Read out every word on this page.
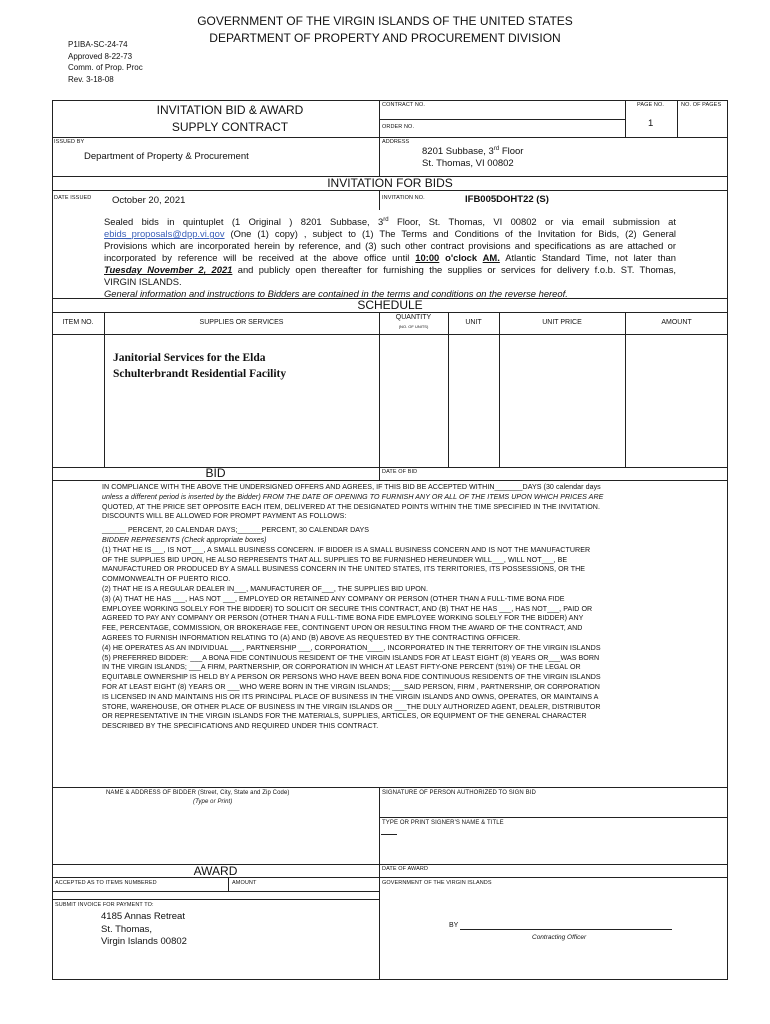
GOVERNMENT OF THE VIRGIN ISLANDS OF THE UNITED STATES
DEPARTMENT OF PROPERTY AND PROCUREMENT DIVISION
P1IBA-SC-24-74
Approved 8-22-73
Comm. of Prop. Proc
Rev. 3-18-08
INVITATION BID & AWARD
SUPPLY CONTRACT
CONTRACT NO.
ORDER NO.
PAGE NO.
1
NO. OF PAGES
ISSUED BY
Department of Property & Procurement
ADDRESS
8201 Subbase, 3rd Floor
St. Thomas, VI 00802
INVITATION FOR BIDS
DATE ISSUED October 20, 2021	INVITATION NO.	IFB005DOHT22 (S)
Sealed bids in quintuplet (1 Original ) 8201 Subbase, 3rd Floor, St. Thomas, VI 00802 or via email submission at
ebids_proposals@dpp.vi.gov (One (1) copy) , subject to (1) The Terms and Conditions of the Invitation for Bids, (2) General
Provisions which are incorporated herein by reference, and (3) such other contract provisions and specifications as are attached or
incorporated by reference will be received at the above office until 10:00 o'clock AM. Atlantic Standard Time, not later than
Tuesday November 2, 2021 and publicly open thereafter for furnishing the supplies or services for delivery f.o.b. ST. Thomas,
VIRGIN ISLANDS.
General information and instructions to Bidders are contained in the terms and conditions on the reverse hereof.
SCHEDULE
ITEM NO.	SUPPLIES OR SERVICES
QUANTITY
(NO. OF UNITS)
UNIT	UNIT PRICE	AMOUNT
Janitorial Services for the Elda
Schulterbrandt Residential Facility
BID	DATE OF BID
IN COMPLIANCE WITH THE ABOVE THE UNDERSIGNED OFFERS AND AGREES, IF THIS BID BE ACCEPTED WITHIN_______DAYS (30 calendar days
unless a different period is inserted by the Bidder) FROM THE DATE OF OPENING TO FURNISH ANY OR ALL OF THE ITEMS UPON WHICH PRICES ARE
QUOTED, AT THE PRICE SET OPPOSITE EACH ITEM, DELIVERED AT THE DESIGNATED POINTS WITHIN THE TIME SPECIFIED IN THE INVITATION.
DISCOUNTS WILL BE ALLOWED FOR PROMPT PAYMENT AS FOLLOWS:

______ PERCENT, 20 CALENDAR DAYS;______PERCENT, 30 CALENDAR DAYS
BIDDER REPRESENTS (Check appropriate boxes)
(1) THAT HE IS___, IS NOT___, A SMALL BUSINESS CONCERN. IF BIDDER IS A SMALL BUSINESS CONCERN AND IS NOT THE MANUFACTURER
OF THE SUPPLIES BID UPON, HE ALSO REPRESENTS THAT ALL SUPPLIES TO BE FURNISHED HEREUNDER WILL___, WILL NOT___, BE
MANUFACTURED OR PRODUCED BY A SMALL BUSINESS CONCERN IN THE UNITED STATES, ITS TERRITORIES, ITS POSSESSIONS, OR THE
COMMONWEALTH OF PUERTO RICO.
(2) THAT HE IS A REGULAR DEALER IN___, MANUFACTURER OF___, THE SUPPLIES BID UPON.
(3) (A) THAT HE HAS ___, HAS NOT ___, EMPLOYED OR RETAINED ANY COMPANY OR PERSON (OTHER THAN A FULL-TIME BONA FIDE
EMPLOYEE WORKING SOLELY FOR THE BIDDER) TO SOLICIT OR SECURE THIS CONTRACT, AND (B) THAT HE HAS ___, HAS NOT___, PAID OR
AGREED TO PAY ANY COMPANY OR PERSON (OTHER THAN A FULL-TIME BONA FIDE EMPLOYEE WORKING SOLELY FOR THE BIDDER) ANY
FEE, PERCENTAGE, COMMISSION, OR BROKERAGE FEE, CONTINGENT UPON OR RESULTING FROM THE AWARD OF THE CONTRACT, AND
AGREES TO FURNISH INFORMATION RELATING TO (A) AND (B) ABOVE AS REQUESTED BY THE CONTRACTING OFFICER.
(4) HE OPERATES AS AN INDIVIDUAL ___, PARTNERSHIP ___, CORPORATION____, INCORPORATED IN THE TERRITORY OF THE VIRGIN ISLANDS
(5) PREFERRED BIDDER: ___A BONA FIDE CONTINUOUS RESIDENT OF THE VIRGIN ISLANDS FOR AT LEAST EIGHT (8) YEARS OR___WAS BORN
IN THE VIRGIN ISLANDS; ___A FIRM, PARTNERSHIP, OR CORPORATION IN WHICH AT LEAST FIFTY-ONE PERCENT (51%) OF THE LEGAL OR
EQUITABLE OWNERSHIP IS HELD BY A PERSON OR PERSONS WHO HAVE BEEN BONA FIDE CONTINUOUS RESIDENTS OF THE VIRGIN ISLANDS
FOR AT LEAST EIGHT (8) YEARS OR ___WHO WERE BORN IN THE VIRGIN ISLANDS; ___SAID PERSON, FIRM , PARTNERSHIP, OR CORPORATION
IS LICENSED IN AND MAINTAINS HIS OR ITS PRINCIPAL PLACE OF BUSINESS IN THE VIRGIN ISLANDS AND OWNS, OPERATES, OR MAINTAINS A
STORE, WAREHOUSE, OR OTHER PLACE OF BUSINESS IN THE VIRGIN ISLANDS OR ___THE DULY AUTHORIZED AGENT, DEALER, DISTRIBUTOR
OR REPRESENTATIVE IN THE VIRGIN ISLANDS FOR THE MATERIALS, SUPPLIES, ARTICLES, OR EQUIPMENT OF THE GENERAL CHARACTER
DESCRIBED BY THE SPECIFICATIONS AND REQUIRED UNDER THIS CONTRACT.
NAME & ADDRESS OF BIDDER (Street, City, State and Zip Code)
(Type or Print)
SIGNATURE OF PERSON AUTHORIZED TO SIGN BID
TYPE OR PRINT SIGNER'S NAME & TITLE
AWARD	DATE OF AWARD
ACCEPTED AS TO ITEMS NUMBERED	AMOUNT	GOVERNMENT OF THE VIRGIN ISLANDS
SUBMIT INVOICE FOR PAYMENT TO:
4185 Annas Retreat
St. Thomas,
Virgin Islands 00802
BY
Contracting Officer
